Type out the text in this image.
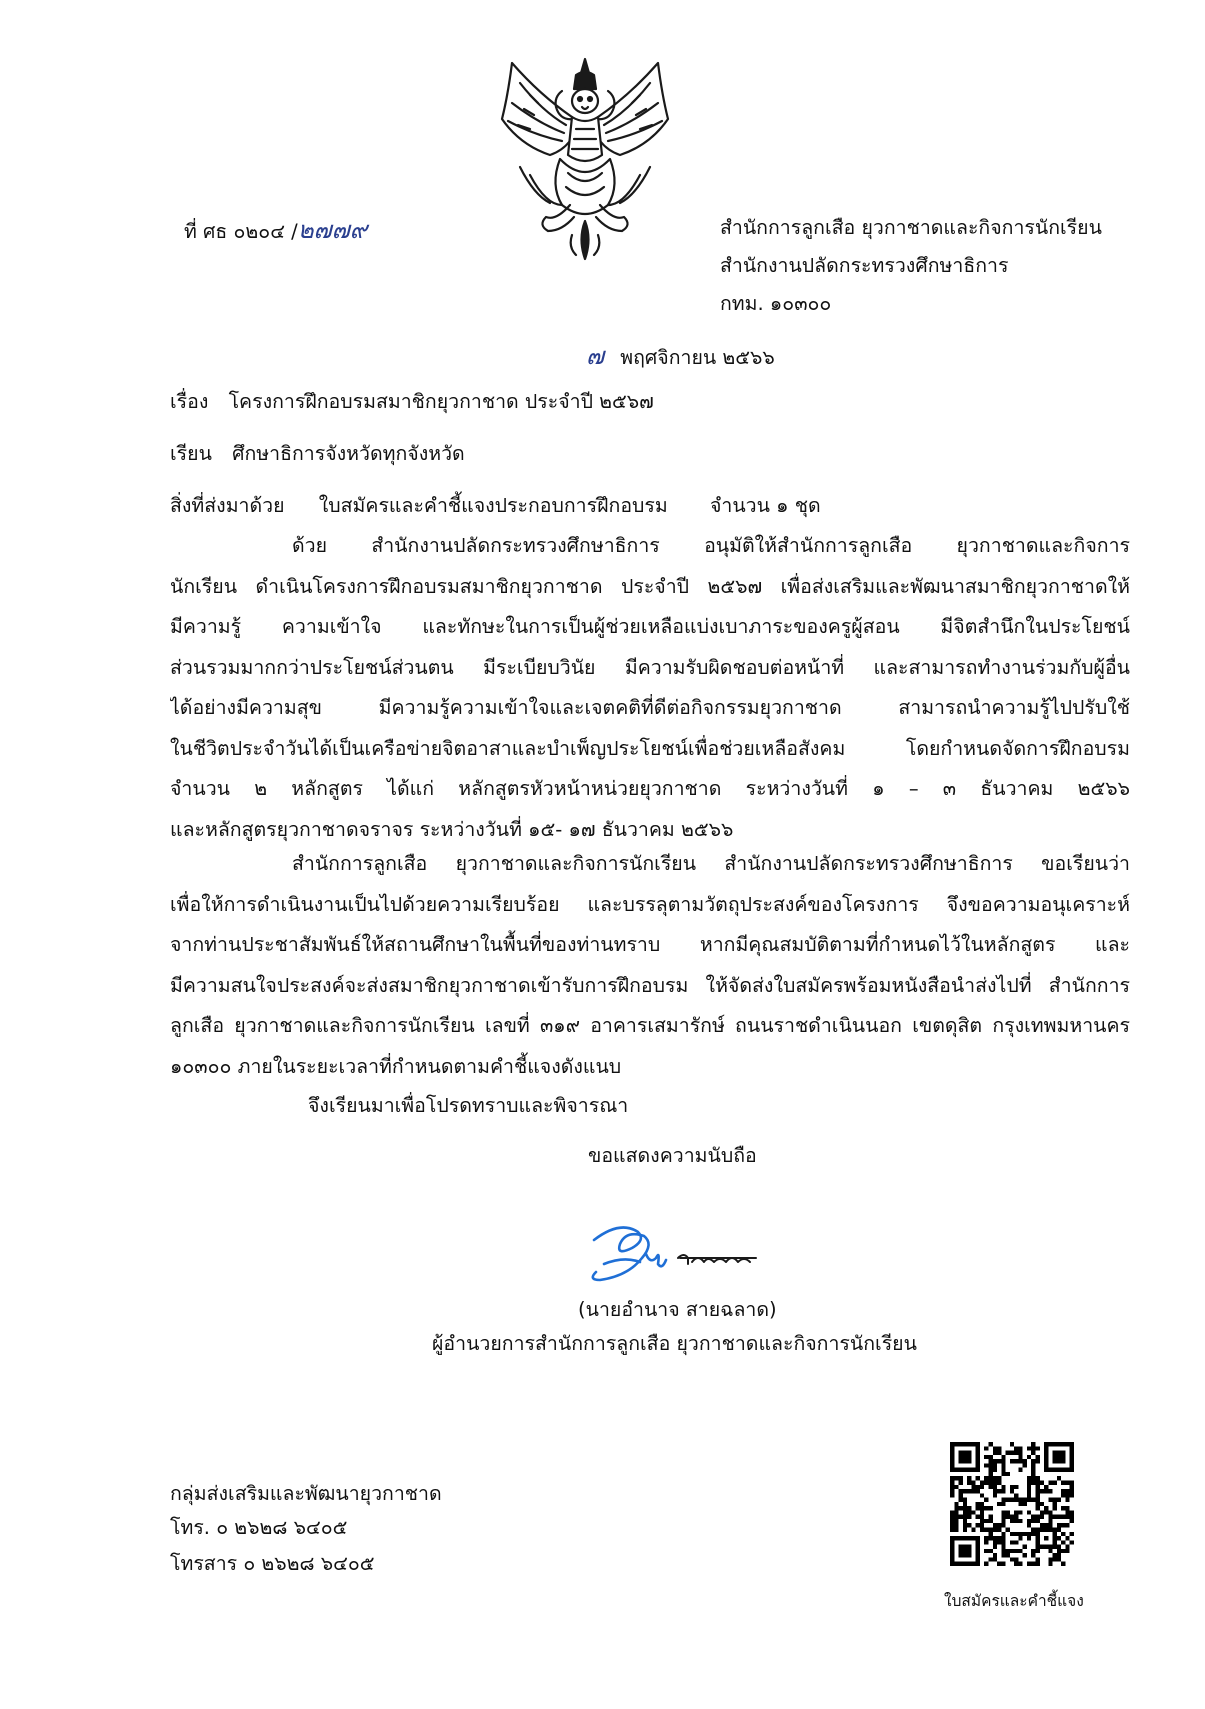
ที่ ศธ ๐๒๐๔ /๒๗๗๙	สำนักการลูกเสือ ยุวกาชาดและกิจการนักเรียน
สำนักงานปลัดกระทรวงศึกษาธิการ
กทม. ๑๐๓๐๐
๗ พฤศจิกายน ๒๕๖๖
เรื่อง โครงการฝึกอบรมสมาชิกยุวกาชาด ประจำปี ๒๕๖๗
เรียน ศึกษาธิการจังหวัดทุกจังหวัด
สิ่งที่ส่งมาด้วย ใบสมัครและคำชี้แจงประกอบการฝึกอบรม จำนวน ๑ ชุด
ด้วย สำนักงานปลัดกระทรวงศึกษาธิการ อนุมัติให้สำนักการลูกเสือ ยุวกาชาดและกิจการ
นักเรียน ดำเนินโครงการฝึกอบรมสมาชิกยุวกาชาด ประจำปี ๒๕๖๗ เพื่อส่งเสริมและพัฒนาสมาชิกยุวกาชาดให้
มีความรู้ ความเข้าใจ และทักษะในการเป็นผู้ช่วยเหลือแบ่งเบาภาระของครูผู้สอน มีจิตสำนึกในประโยชน์
ส่วนรวมมากกว่าประโยชน์ส่วนตน มีระเบียบวินัย มีความรับผิดชอบต่อหน้าที่ และสามารถทำงานร่วมกับผู้อื่น
ได้อย่างมีความสุข มีความรู้ความเข้าใจและเจตคติที่ดีต่อกิจกรรมยุวกาชาด สามารถนำความรู้ไปปรับใช้
ในชีวิตประจำวันได้เป็นเครือข่ายจิตอาสาและบำเพ็ญประโยชน์เพื่อช่วยเหลือสังคม โดยกำหนดจัดการฝึกอบรม
จำนวน ๒ หลักสูตร ได้แก่ หลักสูตรหัวหน้าหน่วยยุวกาชาด ระหว่างวันที่ ๑ – ๓ ธันวาคม ๒๕๖๖
และหลักสูตรยุวกาชาดจราจร ระหว่างวันที่ ๑๕- ๑๗ ธันวาคม ๒๕๖๖
สำนักการลูกเสือ ยุวกาชาดและกิจการนักเรียน สำนักงานปลัดกระทรวงศึกษาธิการ ขอเรียนว่า
เพื่อให้การดำเนินงานเป็นไปด้วยความเรียบร้อย และบรรลุตามวัตถุประสงค์ของโครงการ จึงขอความอนุเคราะห์
จากท่านประชาสัมพันธ์ให้สถานศึกษาในพื้นที่ของท่านทราบ หากมีคุณสมบัติตามที่กำหนดไว้ในหลักสูตร และ
มีความสนใจประสงค์จะส่งสมาชิกยุวกาชาดเข้ารับการฝึกอบรม ให้จัดส่งใบสมัครพร้อมหนังสือนำส่งไปที่ สำนักการ
ลูกเสือ ยุวกาชาดและกิจการนักเรียน เลขที่ ๓๑๙ อาคารเสมารักษ์ ถนนราชดำเนินนอก เขตดุสิต กรุงเทพมหานคร
๑๐๓๐๐ ภายในระยะเวลาที่กำหนดตามคำชี้แจงดังแนบ
จึงเรียนมาเพื่อโปรดทราบและพิจารณา
ขอแสดงความนับถือ
(นายอำนาจ สายฉลาด)
ผู้อำนวยการสำนักการลูกเสือ ยุวกาชาดและกิจการนักเรียน
กลุ่มส่งเสริมและพัฒนายุวกาชาด
โทร. ๐ ๒๖๒๘ ๖๔๐๕
โทรสาร ๐ ๒๖๒๘ ๖๔๐๕
ใบสมัครและคำชี้แจง
